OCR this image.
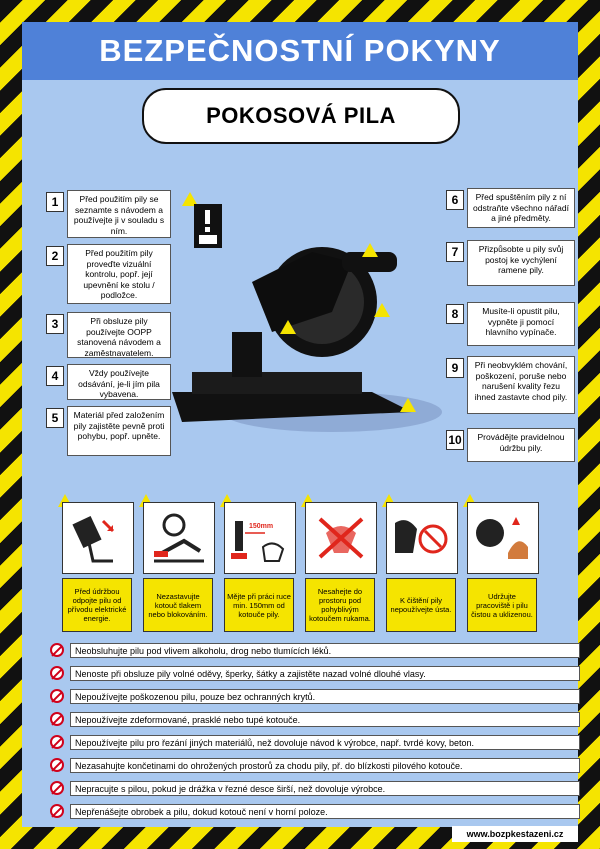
BEZPEČNOSTNÍ POKYNY
POKOSOVÁ PILA
1	Před použitím pily se seznamte s návodem a používejte ji v souladu s ním.
2	Před použitím pily proveďte vizuální kontrolu, popř. její upevnění ke stolu / podložce.
3	Při obsluze pily používejte OOPP stanovená návodem a zaměstnavatelem.
4	Vždy používejte odsávání, je-li jím pila vybavena.
5	Materiál před založením pily zajistěte pevně proti pohybu, popř. upněte.
6	Před spuštěním pily z ní odstraňte všechno nářadí a jiné předměty.
7	Přizpůsobte u pily svůj postoj ke vychýlení ramene pily.
8	Musíte-li opustit pilu, vypněte ji pomocí hlavního vypínače.
9	Při neobvyklém chování, poškození, poruše nebo narušení kvality řezu ihned zastavte chod pily.
10	Provádějte pravidelnou údržbu pily.
Před údržbou odpojte pilu od přívodu elektrické energie.
Nezastavujte kotouč tlakem nebo blokováním.
150mm
Mějte při práci ruce min. 150mm od kotouče pily.
Nesahejte do prostoru pod pohyblivým kotoučem rukama.
K čištění pily nepoužívejte ústa.
Udržujte pracoviště i pilu čistou a uklizenou.
Neobsluhujte pilu pod vlivem alkoholu, drog nebo tlumících léků.
Nenoste při obsluze pily volné oděvy, šperky, šátky a zajistěte nazad volné dlouhé vlasy.
Nepoužívejte poškozenou pilu, pouze bez ochranných krytů.
Nepoužívejte zdeformované, prasklé nebo tupé kotouče.
Nepoužívejte pilu pro řezání jiných materiálů, než dovoluje návod k výrobce, např. tvrdé kovy, beton.
Nezasahujte končetinami do ohrožených prostorů za chodu pily, př. do blízkosti pilového kotouče.
Nepracujte s pilou, pokud je drážka v řezné desce širší, než dovoluje výrobce.
Nepřenášejte obrobek a pilu, dokud kotouč není v horní poloze.
www.bozpkestazeni.cz
